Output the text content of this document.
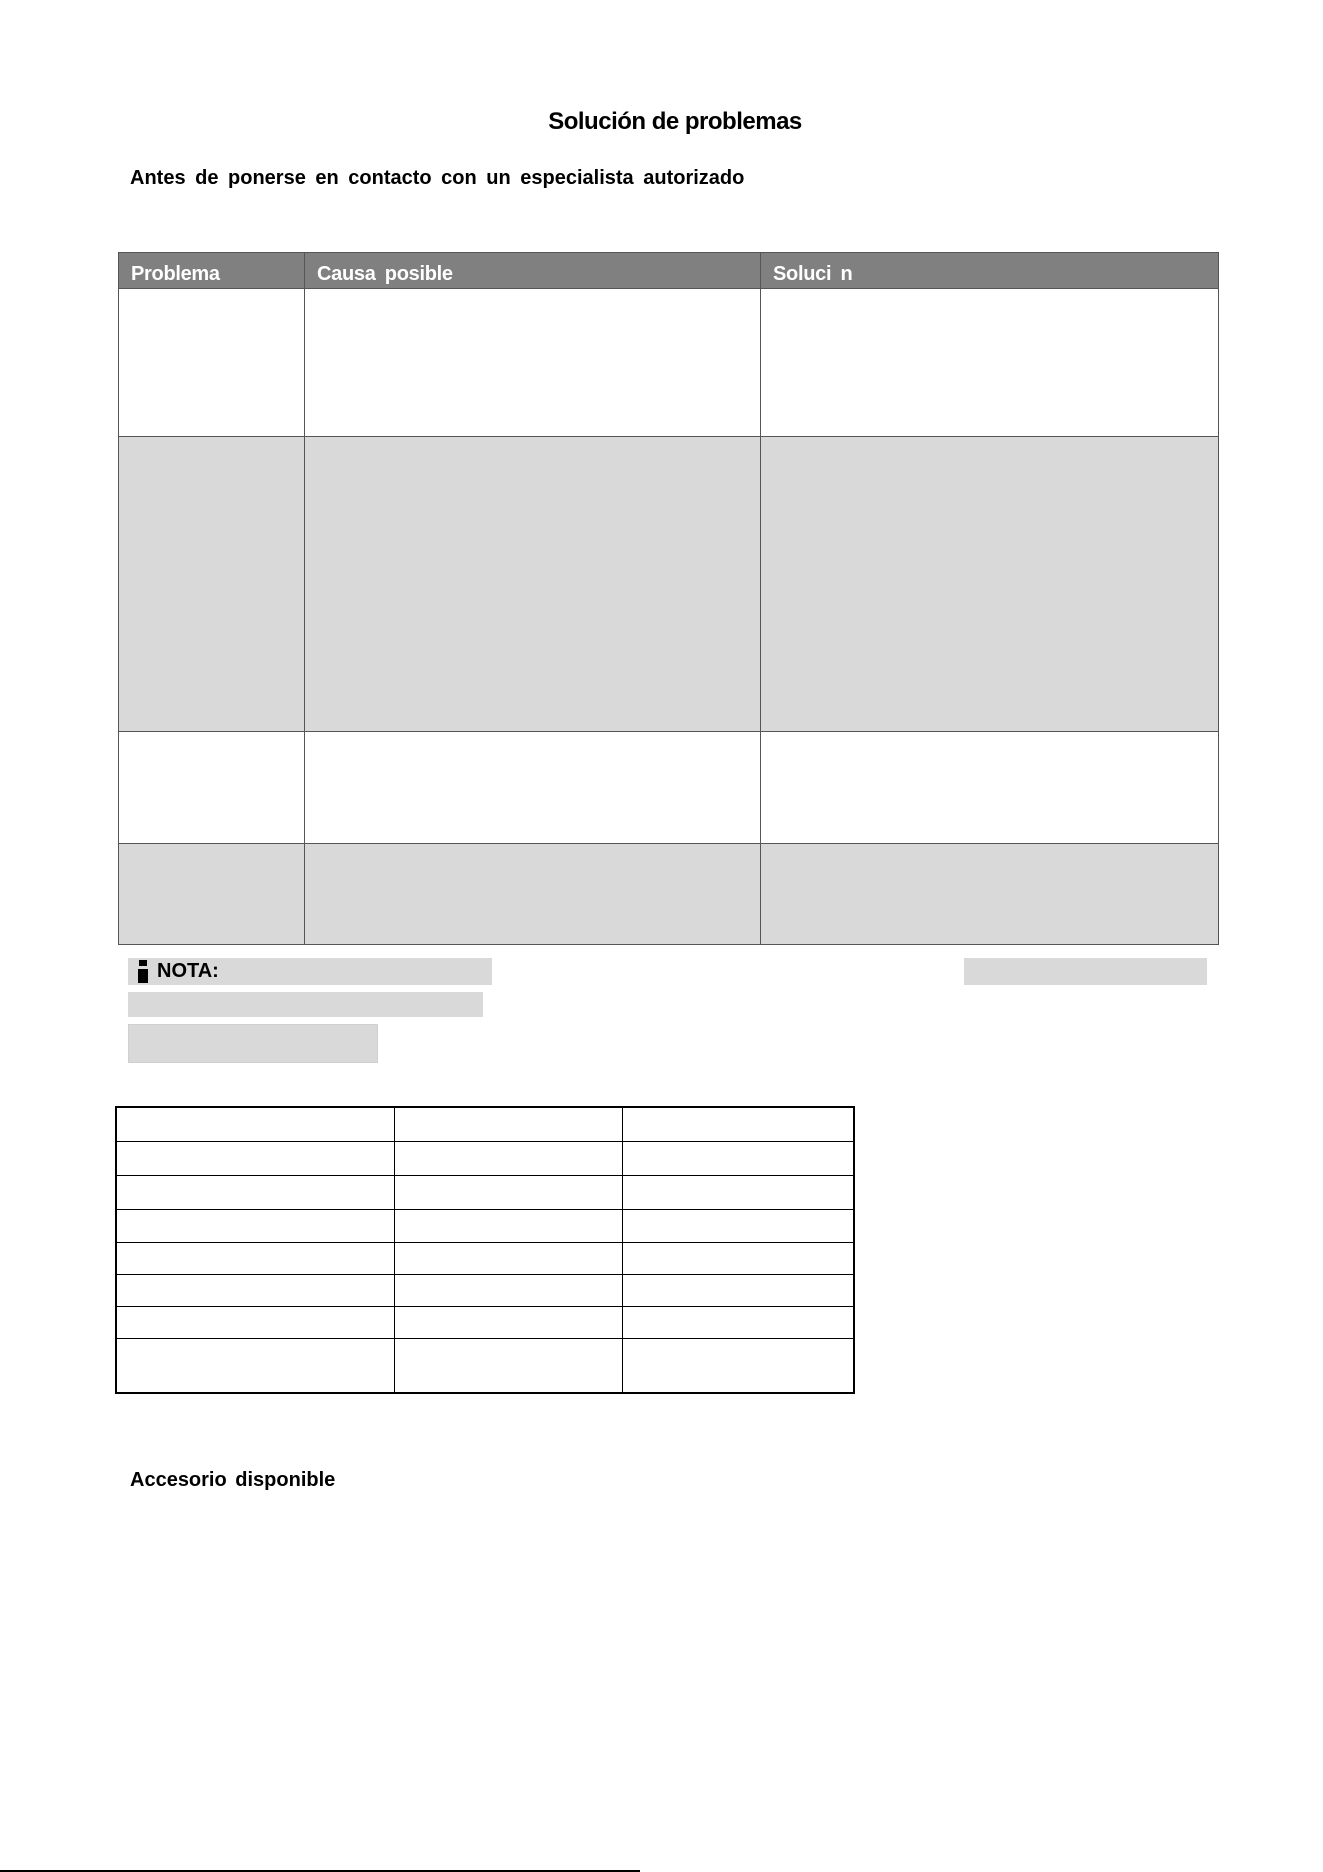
Solución de problemas
Antes de ponerse en contacto con un especialista autorizado
Problema	Causa posible	Soluci n

NOTA:

Accesorio disponible
